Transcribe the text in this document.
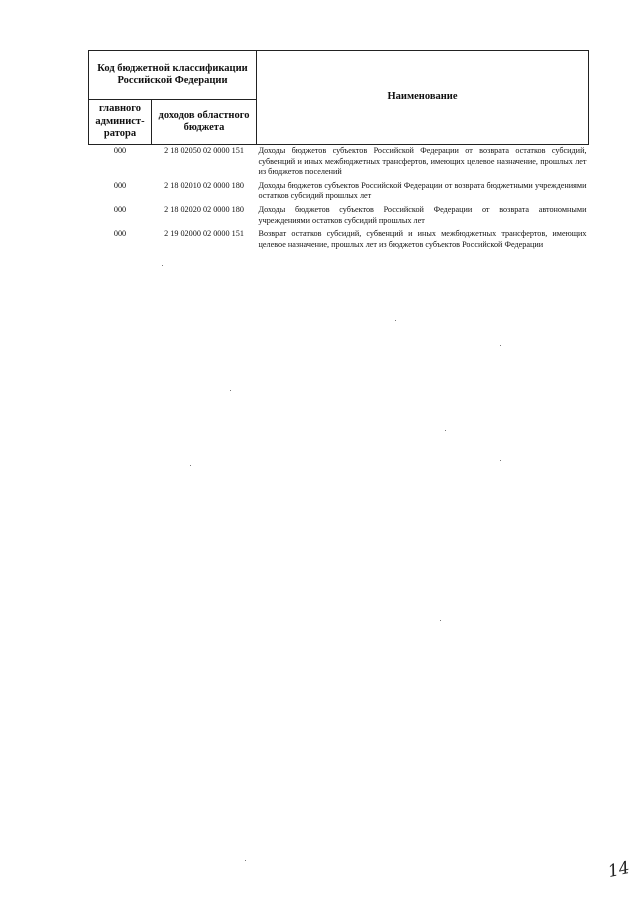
Код бюджетной классификации Российской Федерации		Наименование
главного админист-ратора	доходов областного бюджета	
000	2 18 02050 02 0000 151	Доходы бюджетов субъектов Российской Федерации от возврата остатков субсидий, субвенций и иных межбюджетных трансфертов, имеющих целевое назначение, прошлых лет из бюджетов поселений
000	2 18 02010 02 0000 180	Доходы бюджетов субъектов Российской Федерации от возврата бюджетными учреждениями остатков субсидий прошлых лет
000	2 18 02020 02 0000 180	Доходы бюджетов субъектов Российской Федерации от возврата автономными учреждениями остатков субсидий прошлых лет
000	2 19 02000 02 0000 151	Возврат остатков субсидий, субвенций и иных межбюджетных трансфертов, имеющих целевое назначение, прошлых лет из бюджетов субъектов Российской Федерации
14
